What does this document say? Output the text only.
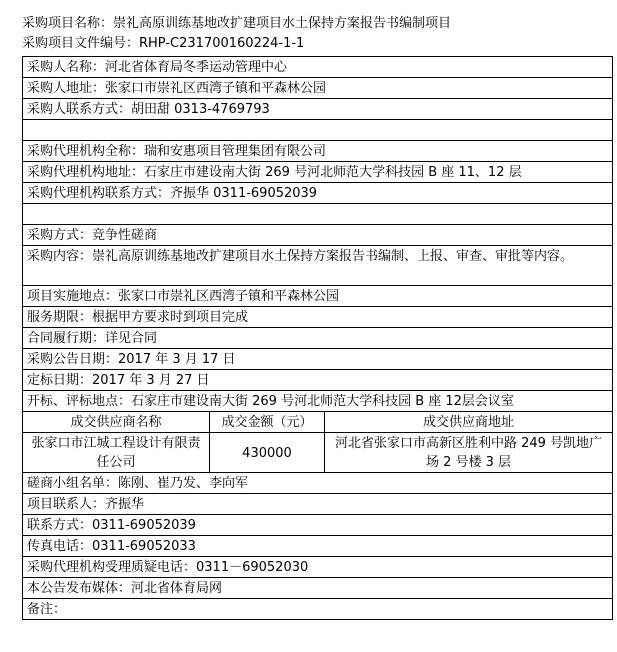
采购项目名称：崇礼高原训练基地改扩建项目水土保持方案报告书编制项目
采购项目文件编号：RHP-C231700160224-1-1
采购人名称：河北省体育局冬季运动管理中心		
采购人地址：张家口市崇礼区西湾子镇和平森林公园		
采购人联系方式：胡田甜 0313-4769793		

采购代理机构全称：瑞和安惠项目管理集团有限公司		
采购代理机构地址：石家庄市建设南大街 269 号河北师范大学科技园 B 座 11、12 层		
采购代理机构联系方式：齐振华 0311-69052039		

采购方式：竞争性磋商		
采购内容：崇礼高原训练基地改扩建项目水土保持方案报告书编制、上报、审查、审批等内容。		
项目实施地点：张家口市崇礼区西湾子镇和平森林公园		
服务期限：根据甲方要求时到项目完成		
合同履行期：详见合同		
采购公告日期：2017 年 3 月 17 日		
定标日期：2017 年 3 月 27 日		
开标、评标地点：石家庄市建设南大街 269 号河北师范大学科技园 B 座 12层会议室		
成交供应商名称	成交金额（元）	成交供应商地址
张家口市江城工程设计有限责任公司	430000	河北省张家口市高新区胜利中路 249 号凯地广场 2 号楼 3 层
磋商小组名单：陈刚、崔乃发、李向军		
项目联系人：齐振华		
联系方式：0311-69052039		
传真电话：0311-69052033		
采购代理机构受理质疑电话：0311－69052030		
本公告发布媒体：河北省体育局网		
备注：		
